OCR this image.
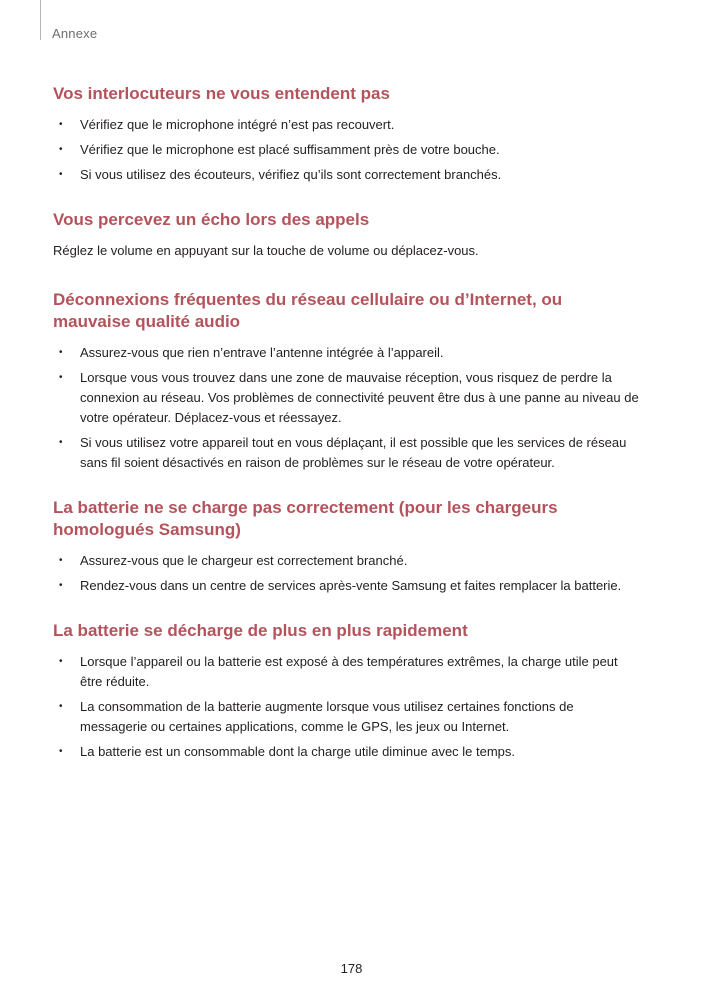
Annexe
Vos interlocuteurs ne vous entendent pas
• Vérifiez que le microphone intégré n’est pas recouvert.
• Vérifiez que le microphone est placé suffisamment près de votre bouche.
• Si vous utilisez des écouteurs, vérifiez qu’ils sont correctement branchés.
Vous percevez un écho lors des appels

Réglez le volume en appuyant sur la touche de volume ou déplacez-vous.

Déconnexions fréquentes du réseau cellulaire ou d’Internet, ou mauvaise qualité audio
• Assurez-vous que rien n’entrave l’antenne intégrée à l’appareil.
• Lorsque vous vous trouvez dans une zone de mauvaise réception, vous risquez de perdre la connexion au réseau. Vos problèmes de connectivité peuvent être dus à une panne au niveau de votre opérateur. Déplacez-vous et réessayez.
• Si vous utilisez votre appareil tout en vous déplaçant, il est possible que les services de réseau sans fil soient désactivés en raison de problèmes sur le réseau de votre opérateur.
La batterie ne se charge pas correctement (pour les chargeurs homologués Samsung)
• Assurez-vous que le chargeur est correctement branché.
• Rendez-vous dans un centre de services après-vente Samsung et faites remplacer la batterie.
La batterie se décharge de plus en plus rapidement
• Lorsque l’appareil ou la batterie est exposé à des températures extrêmes, la charge utile peut être réduite.
• La consommation de la batterie augmente lorsque vous utilisez certaines fonctions de messagerie ou certaines applications, comme le GPS, les jeux ou Internet.
• La batterie est un consommable dont la charge utile diminue avec le temps.
178
